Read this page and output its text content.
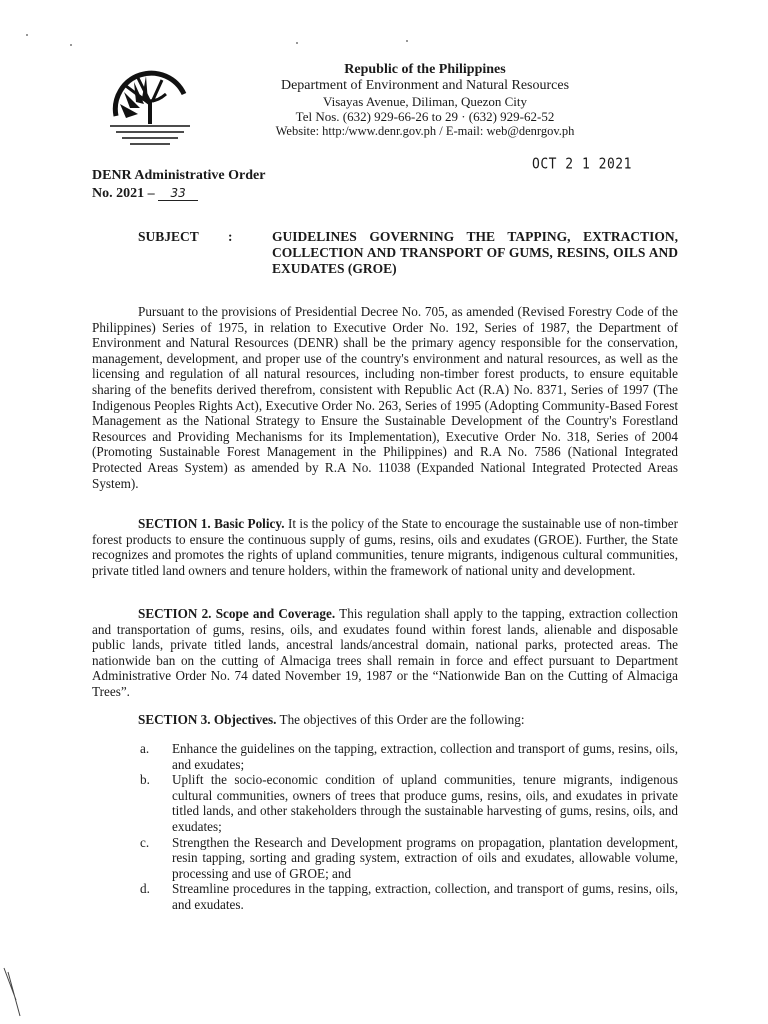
Republic of the Philippines
Department of Environment and Natural Resources
Visayas Avenue, Diliman, Quezon City
Tel Nos. (632) 929-66-26 to 29 · (632) 929-62-52
Website: http:/www.denr.gov.ph / E-mail: web@denrgov.ph
OCT 2 1 2021
DENR Administrative Order
No. 2021 – 33
SUBJECT :	GUIDELINES GOVERNING THE TAPPING, EXTRACTION, COLLECTION AND TRANSPORT OF GUMS, RESINS, OILS AND EXUDATES (GROE)
Pursuant to the provisions of Presidential Decree No. 705, as amended (Revised Forestry Code of the Philippines) Series of 1975, in relation to Executive Order No. 192, Series of 1987, the Department of Environment and Natural Resources (DENR) shall be the primary agency responsible for the conservation, management, development, and proper use of the country's environment and natural resources, as well as the licensing and regulation of all natural resources, including non-timber forest products, to ensure equitable sharing of the benefits derived therefrom, consistent with Republic Act (R.A) No. 8371, Series of 1997 (The Indigenous Peoples Rights Act), Executive Order No. 263, Series of 1995 (Adopting Community-Based Forest Management as the National Strategy to Ensure the Sustainable Development of the Country's Forestland Resources and Providing Mechanisms for its Implementation), Executive Order No. 318, Series of 2004 (Promoting Sustainable Forest Management in the Philippines) and R.A No. 7586 (National Integrated Protected Areas System) as amended by R.A No. 11038 (Expanded National Integrated Protected Areas System).
SECTION 1. Basic Policy. It is the policy of the State to encourage the sustainable use of non-timber forest products to ensure the continuous supply of gums, resins, oils and exudates (GROE). Further, the State recognizes and promotes the rights of upland communities, tenure migrants, indigenous cultural communities, private titled land owners and tenure holders, within the framework of national unity and development.
SECTION 2. Scope and Coverage. This regulation shall apply to the tapping, extraction collection and transportation of gums, resins, oils, and exudates found within forest lands, alienable and disposable public lands, private titled lands, ancestral lands/ancestral domain, national parks, protected areas. The nationwide ban on the cutting of Almaciga trees shall remain in force and effect pursuant to Department Administrative Order No. 74 dated November 19, 1987 or the “Nationwide Ban on the Cutting of Almaciga Trees”.
SECTION 3. Objectives. The objectives of this Order are the following:
a. Enhance the guidelines on the tapping, extraction, collection and transport of gums, resins, oils, and exudates;
b. Uplift the socio-economic condition of upland communities, tenure migrants, indigenous cultural communities, owners of trees that produce gums, resins, oils, and exudates in private titled lands, and other stakeholders through the sustainable harvesting of gums, resins, oils, and exudates;
c. Strengthen the Research and Development programs on propagation, plantation development, resin tapping, sorting and grading system, extraction of oils and exudates, allowable volume, processing and use of GROE; and
d. Streamline procedures in the tapping, extraction, collection, and transport of gums, resins, oils, and exudates.
